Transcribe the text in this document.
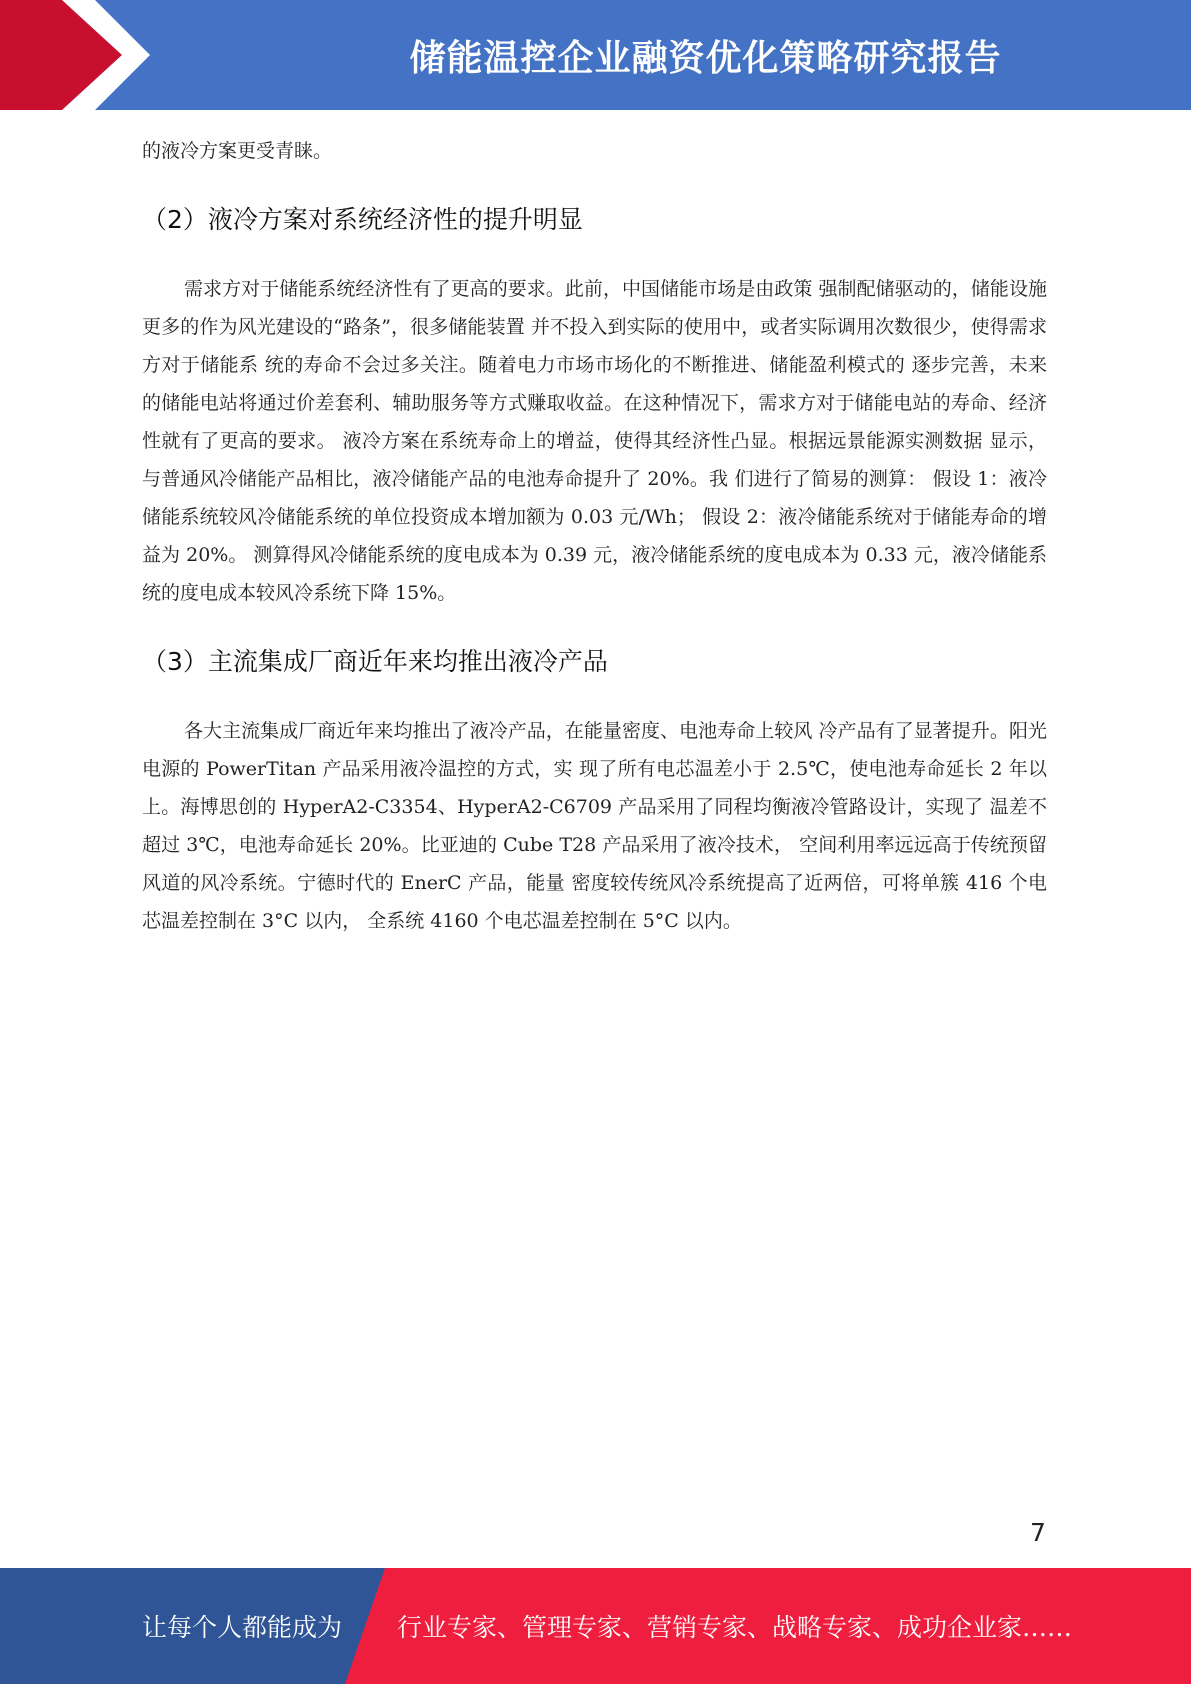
储能温控企业融资优化策略研究报告

的液冷方案更受青睐。

（2）液冷方案对系统经济性的提升明显

需求方对于储能系统经济性有了更高的要求。此前，中国储能市场是由政策 强制配储驱动的，储能设施更多的作为风光建设的“路条”，很多储能装置 并不投入到实际的使用中，或者实际调用次数很少，使得需求方对于储能系 统的寿命不会过多关注。随着电力市场市场化的不断推进、储能盈利模式的 逐步完善，未来的储能电站将通过价差套利、辅助服务等方式赚取收益。在这种情况下，需求方对于储能电站的寿命、经济性就有了更高的要求。 液冷方案在系统寿命上的增益，使得其经济性凸显。根据远景能源实测数据 显示，与普通风冷储能产品相比，液冷储能产品的电池寿命提升了 20%。我 们进行了简易的测算： 假设 1：液冷储能系统较风冷储能系统的单位投资成本增加额为 0.03 元/Wh； 假设 2：液冷储能系统对于储能寿命的增益为 20%。 测算得风冷储能系统的度电成本为 0.39 元，液冷储能系统的度电成本为 0.33 元，液冷储能系统的度电成本较风冷系统下降 15%。

（3）主流集成厂商近年来均推出液冷产品

各大主流集成厂商近年来均推出了液冷产品，在能量密度、电池寿命上较风 冷产品有了显著提升。阳光电源的 PowerTitan 产品采用液冷温控的方式，实 现了所有电芯温差小于 2.5℃，使电池寿命延长 2 年以上。海博思创的 HyperA2-C3354、HyperA2-C6709 产品采用了同程均衡液冷管路设计，实现了 温差不超过 3℃，电池寿命延长 20%。比亚迪的 Cube T28 产品采用了液冷技术， 空间利用率远远高于传统预留风道的风冷系统。宁德时代的 EnerC 产品，能量 密度较传统风冷系统提高了近两倍，可将单簇 416 个电芯温差控制在 3°C 以内， 全系统 4160 个电芯温差控制在 5°C 以内。

7
让每个人都能成为 行业专家、管理专家、营销专家、战略专家、成功企业家……
